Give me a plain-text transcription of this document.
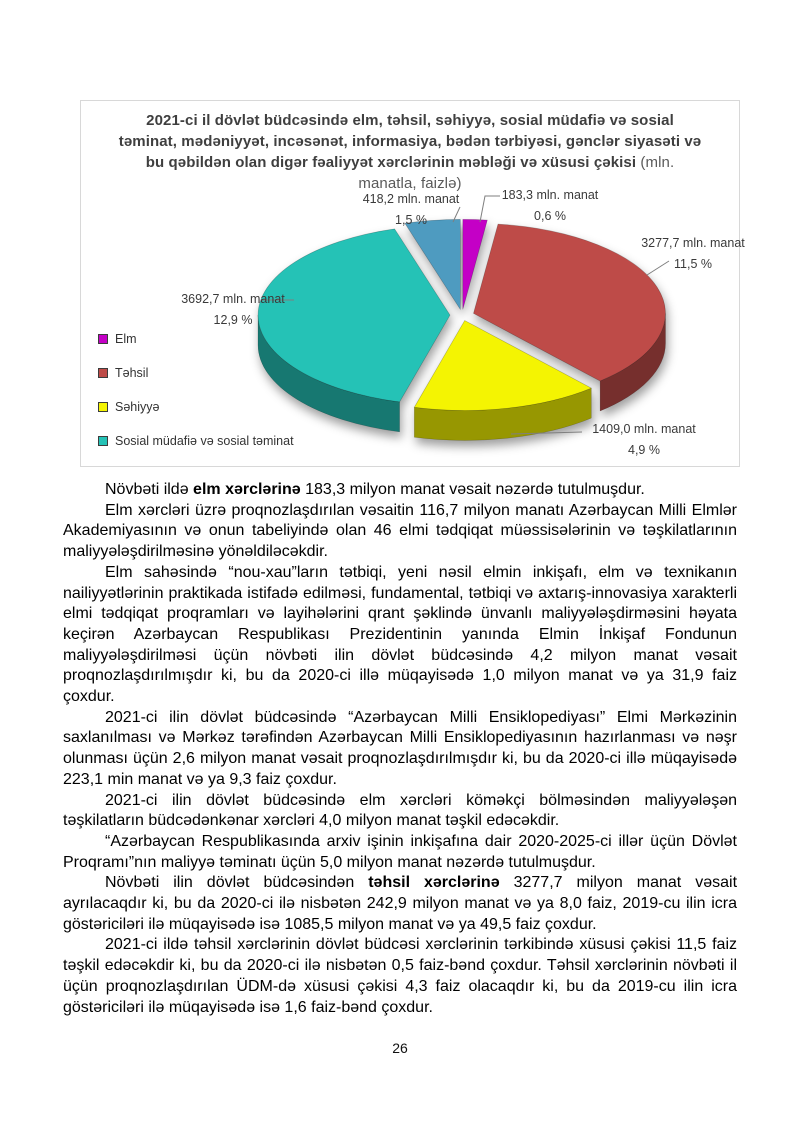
2021-ci il dövlət büdcəsində elm, təhsil, səhiyyə, sosial müdafiə və sosial təminat, mədəniyyət, incəsənət, informasiya, bədən tərbiyəsi, gənclər siyasəti və bu qəbildən olan digər fəaliyyət xərclərinin məbləği və xüsusi çəkisi (mln. manatla, faizlə)
183,3 mln. manat
0,6 %
3277,7 mln. manat
11,5 %
1409,0 mln. manat
4,9 %
3692,7 mln. manat
12,9 %
418,2 mln. manat
1,5 %
Elm
Təhsil
Səhiyyə
Sosial müdafiə və sosial təminat

Növbəti ildə elm xərclərinə 183,3 milyon manat vəsait nəzərdə tutulmuşdur.

Elm xərcləri üzrə proqnozlaşdırılan vəsaitin 116,7 milyon manatı Azərbaycan Milli Elmlər Akademiyasının və onun tabeliyində olan 46 elmi tədqiqat müəssisələrinin və təşkilatlarının maliyyələşdirilməsinə yönəldiləcəkdir.

Elm sahəsində “nou-xau”ların tətbiqi, yeni nəsil elmin inkişafı, elm və texnikanın nailiyyətlərinin praktikada istifadə edilməsi, fundamental, tətbiqi və axtarış-innovasiya xarakterli elmi tədqiqat proqramları və layihələrini qrant şəklində ünvanlı maliyyələşdirməsini həyata keçirən Azərbaycan Respublikası Prezidentinin yanında Elmin İnkişaf Fondunun maliyyələşdirilməsi üçün növbəti ilin dövlət büdcəsində 4,2 milyon manat vəsait proqnozlaşdırılmışdır ki, bu da 2020-ci illə müqayisədə 1,0 milyon manat və ya 31,9 faiz çoxdur.

2021-ci ilin dövlət büdcəsində “Azərbaycan Milli Ensiklopediyası” Elmi Mərkəzinin saxlanılması və Mərkəz tərəfindən Azərbaycan Milli Ensiklopediyasının hazırlanması və nəşr olunması üçün 2,6 milyon manat vəsait proqnozlaşdırılmışdır ki, bu da 2020-ci illə müqayisədə 223,1 min manat və ya 9,3 faiz çoxdur.

2021-ci ilin dövlət büdcəsində elm xərcləri köməkçi bölməsindən maliyyələşən təşkilatların büdcədənkənar xərcləri 4,0 milyon manat təşkil edəcəkdir.

“Azərbaycan Respublikasında arxiv işinin inkişafına dair 2020-2025-ci illər üçün Dövlət Proqramı”nın maliyyə təminatı üçün 5,0 milyon manat nəzərdə tutulmuşdur.

Növbəti ilin dövlət büdcəsindən təhsil xərclərinə 3277,7 milyon manat vəsait ayrılacaqdır ki, bu da 2020-ci ilə nisbətən 242,9 milyon manat və ya 8,0 faiz, 2019-cu ilin icra göstəriciləri ilə müqayisədə isə 1085,5 milyon manat və ya 49,5 faiz çoxdur.

2021-ci ildə təhsil xərclərinin dövlət büdcəsi xərclərinin tərkibində xüsusi çəkisi 11,5 faiz təşkil edəcəkdir ki, bu da 2020-ci ilə nisbətən 0,5 faiz-bənd çoxdur. Təhsil xərclərinin növbəti il üçün proqnozlaşdırılan ÜDM-də xüsusi çəkisi 4,3 faiz olacaqdır ki, bu da 2019-cu ilin icra göstəriciləri ilə müqayisədə isə 1,6 faiz-bənd çoxdur.

26
